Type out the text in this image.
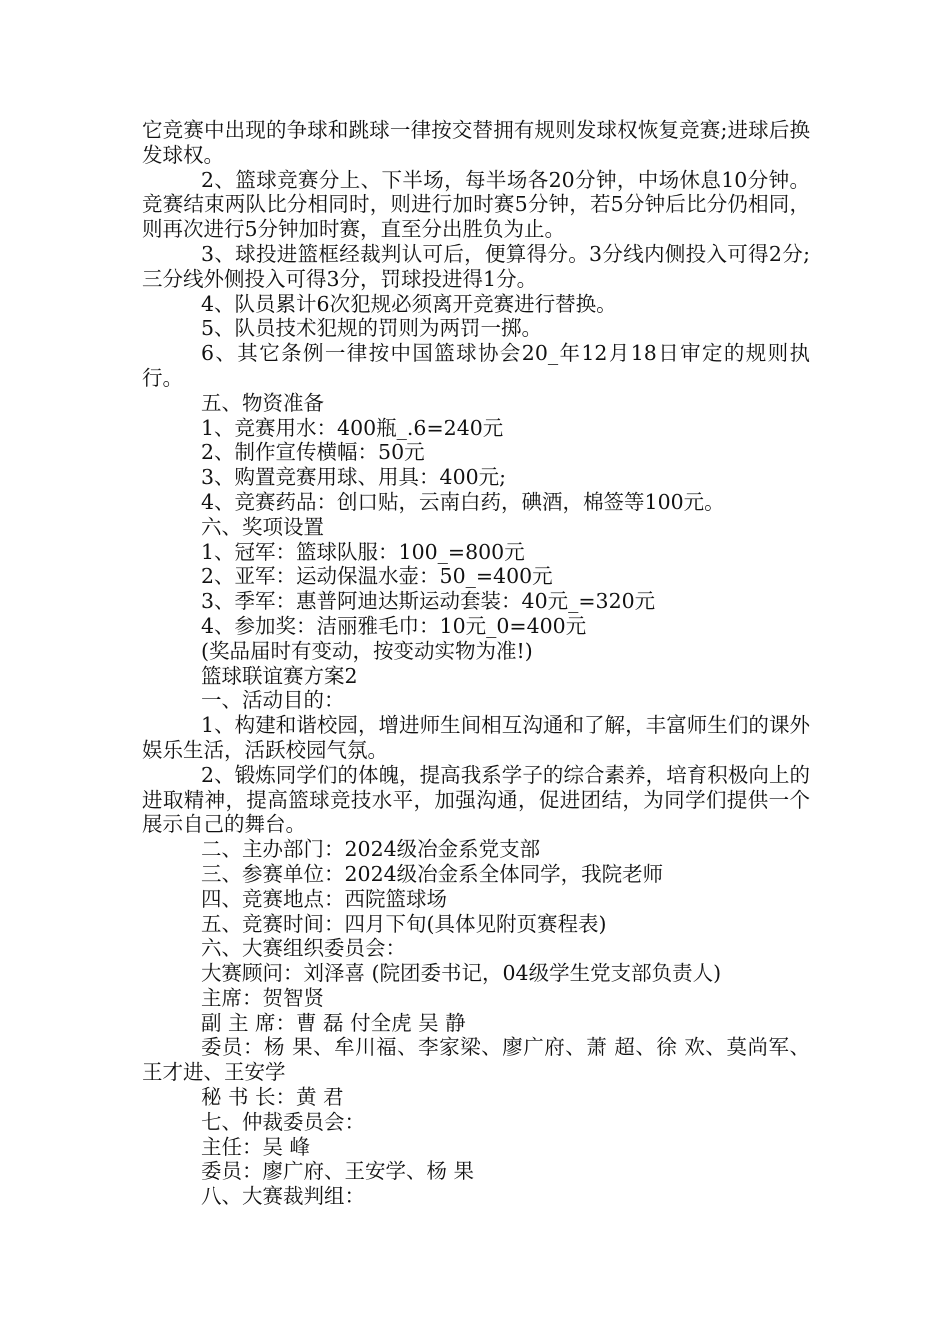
它竞赛中出现的争球和跳球一律按交替拥有规则发球权恢复竞赛;进球后换发球权。

2、篮球竞赛分上、下半场，每半场各20分钟，中场休息10分钟。竞赛结束两队比分相同时，则进行加时赛5分钟，若5分钟后比分仍相同，则再次进行5分钟加时赛，直至分出胜负为止。

3、球投进篮框经裁判认可后，便算得分。3分线内侧投入可得2分;三分线外侧投入可得3分，罚球投进得1分。

4、队员累计6次犯规必须离开竞赛进行替换。

5、队员技术犯规的罚则为两罚一掷。

6、其它条例一律按中国篮球协会20_年12月18日审定的规则执行。

五、物资准备

1、竞赛用水：400瓶_.6=240元

2、制作宣传横幅：50元

3、购置竞赛用球、用具：400元;

4、竞赛药品：创口贴，云南白药，碘酒，棉签等100元。

六、奖项设置

1、冠军：篮球队服：100_=800元

2、亚军：运动保温水壶：50_=400元

3、季军：惠普阿迪达斯运动套装：40元_=320元

4、参加奖：洁丽雅毛巾：10元_0=400元

(奖品届时有变动，按变动实物为准!)

篮球联谊赛方案2

一、活动目的：

1、构建和谐校园，增进师生间相互沟通和了解，丰富师生们的课外娱乐生活，活跃校园气氛。

2、锻炼同学们的体魄，提高我系学子的综合素养，培育积极向上的进取精神，提高篮球竞技水平，加强沟通，促进团结，为同学们提供一个展示自己的舞台。

二、主办部门：2024级冶金系党支部

三、参赛单位：2024级冶金系全体同学，我院老师

四、竞赛地点：西院篮球场

五、竞赛时间：四月下旬(具体见附页赛程表)

六、大赛组织委员会：

大赛顾问：刘泽喜 (院团委书记，04级学生党支部负责人)

主席：贺智贤

副 主 席：曹 磊 付全虎 吴 静

委员：杨 果、牟川福、李家梁、廖广府、萧 超、徐 欢、莫尚军、王才进、王安学

秘 书 长：黄 君

七、仲裁委员会：

主任：吴 峰

委员：廖广府、王安学、杨 果

八、大赛裁判组：
